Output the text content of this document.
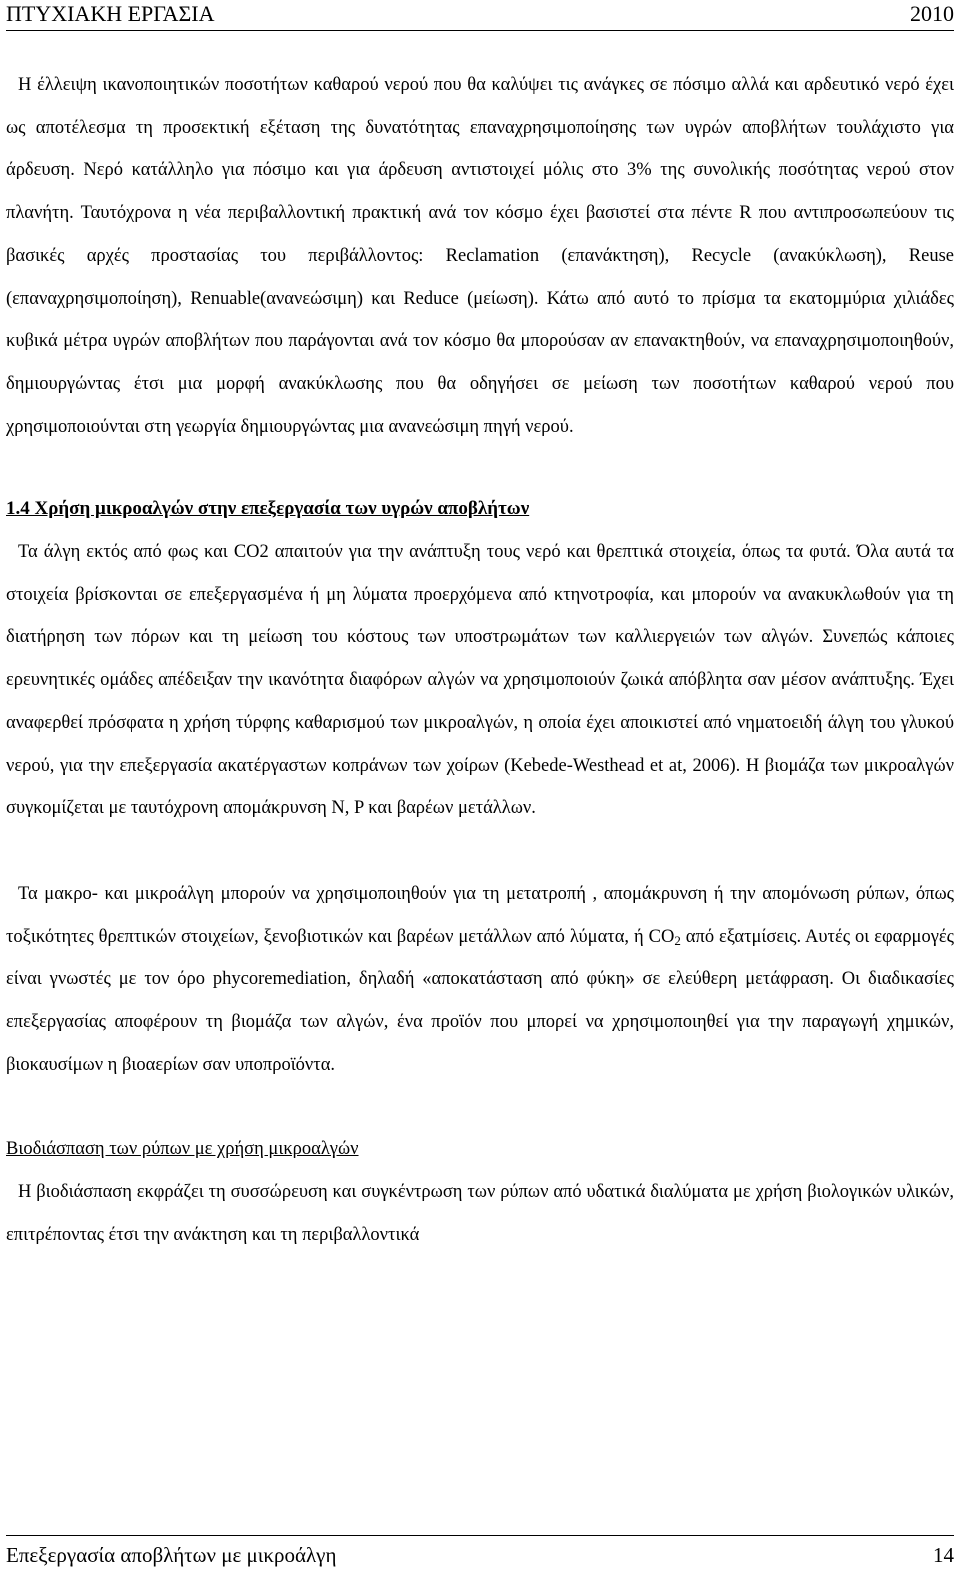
ΠΤΥΧΙΑΚΗ ΕΡΓΑΣΙΑ	2010

Η έλλειψη ικανοποιητικών ποσοτήτων καθαρού νερού που θα καλύψει τις ανάγκες σε πόσιμο αλλά και αρδευτικό νερό έχει ως αποτέλεσμα τη προσεκτική εξέταση της δυνατότητας επαναχρησιμοποίησης των υγρών αποβλήτων τουλάχιστο για άρδευση. Νερό κατάλληλο για πόσιμο και για άρδευση αντιστοιχεί μόλις στο 3% της συνολικής ποσότητας νερού στον πλανήτη. Ταυτόχρονα η νέα περιβαλλοντική πρακτική ανά τον κόσμο έχει βασιστεί στα πέντε R που αντιπροσωπεύουν τις βασικές αρχές προστασίας του περιβάλλοντος: Reclamation (επανάκτηση), Recycle (ανακύκλωση), Reuse (επαναχρησιμοποίηση), Renuable(ανανεώσιμη) και Reduce (μείωση). Κάτω από αυτό το πρίσμα τα εκατομμύρια χιλιάδες κυβικά μέτρα υγρών αποβλήτων που παράγονται ανά τον κόσμο θα μπορούσαν αν επανακτηθούν, να επαναχρησιμοποιηθούν, δημιουργώντας έτσι μια μορφή ανακύκλωσης που θα οδηγήσει σε μείωση των ποσοτήτων καθαρού νερού που χρησιμοποιούνται στη γεωργία δημιουργώντας μια ανανεώσιμη πηγή νερού.

1.4 Χρήση μικροαλγών στην επεξεργασία των υγρών αποβλήτων

Τα άλγη εκτός από φως και CO2 απαιτούν για την ανάπτυξη τους νερό και θρεπτικά στοιχεία, όπως τα φυτά. Όλα αυτά τα στοιχεία βρίσκονται σε επεξεργασμένα ή μη λύματα προερχόμενα από κτηνοτροφία, και μπορούν να ανακυκλωθούν για τη διατήρηση των πόρων και τη μείωση του κόστους των υποστρωμάτων των καλλιεργειών των αλγών. Συνεπώς κάποιες ερευνητικές ομάδες απέδειξαν την ικανότητα διαφόρων αλγών να χρησιμοποιούν ζωικά απόβλητα σαν μέσον ανάπτυξης. Έχει αναφερθεί πρόσφατα η χρήση τύρφης καθαρισμού των μικροαλγών, η οποία έχει αποικιστεί από νηματοειδή άλγη του γλυκού νερού, για την επεξεργασία ακατέργαστων κοπράνων των χοίρων (Kebede-Westhead et at, 2006). Η βιομάζα των μικροαλγών συγκομίζεται με ταυτόχρονη απομάκρυνση N, P και βαρέων μετάλλων.

Τα μακρο- και μικροάλγη μπορούν να χρησιμοποιηθούν για τη μετατροπή , απομάκρυνση ή την απομόνωση ρύπων, όπως τοξικότητες θρεπτικών στοιχείων, ξενοβιοτικών και βαρέων μετάλλων από λύματα, ή $CO_2$ από εξατμίσεις. Αυτές οι εφαρμογές είναι γνωστές με τον όρο phycoremediation, δηλαδή «αποκατάσταση από φύκη» σε ελεύθερη μετάφραση. Οι διαδικασίες επεξεργασίας αποφέρουν τη βιομάζα των αλγών, ένα προϊόν που μπορεί να χρησιμοποιηθεί για την παραγωγή χημικών, βιοκαυσίμων η βιοαερίων σαν υποπροϊόντα.

Βιοδιάσπαση των ρύπων με χρήση μικροαλγών

Η βιοδιάσπαση εκφράζει τη συσσώρευση και συγκέντρωση των ρύπων από υδατικά διαλύματα με χρήση βιολογικών υλικών, επιτρέποντας έτσι την ανάκτηση και τη περιβαλλοντικά

Επεξεργασία αποβλήτων με μικροάλγη	14
